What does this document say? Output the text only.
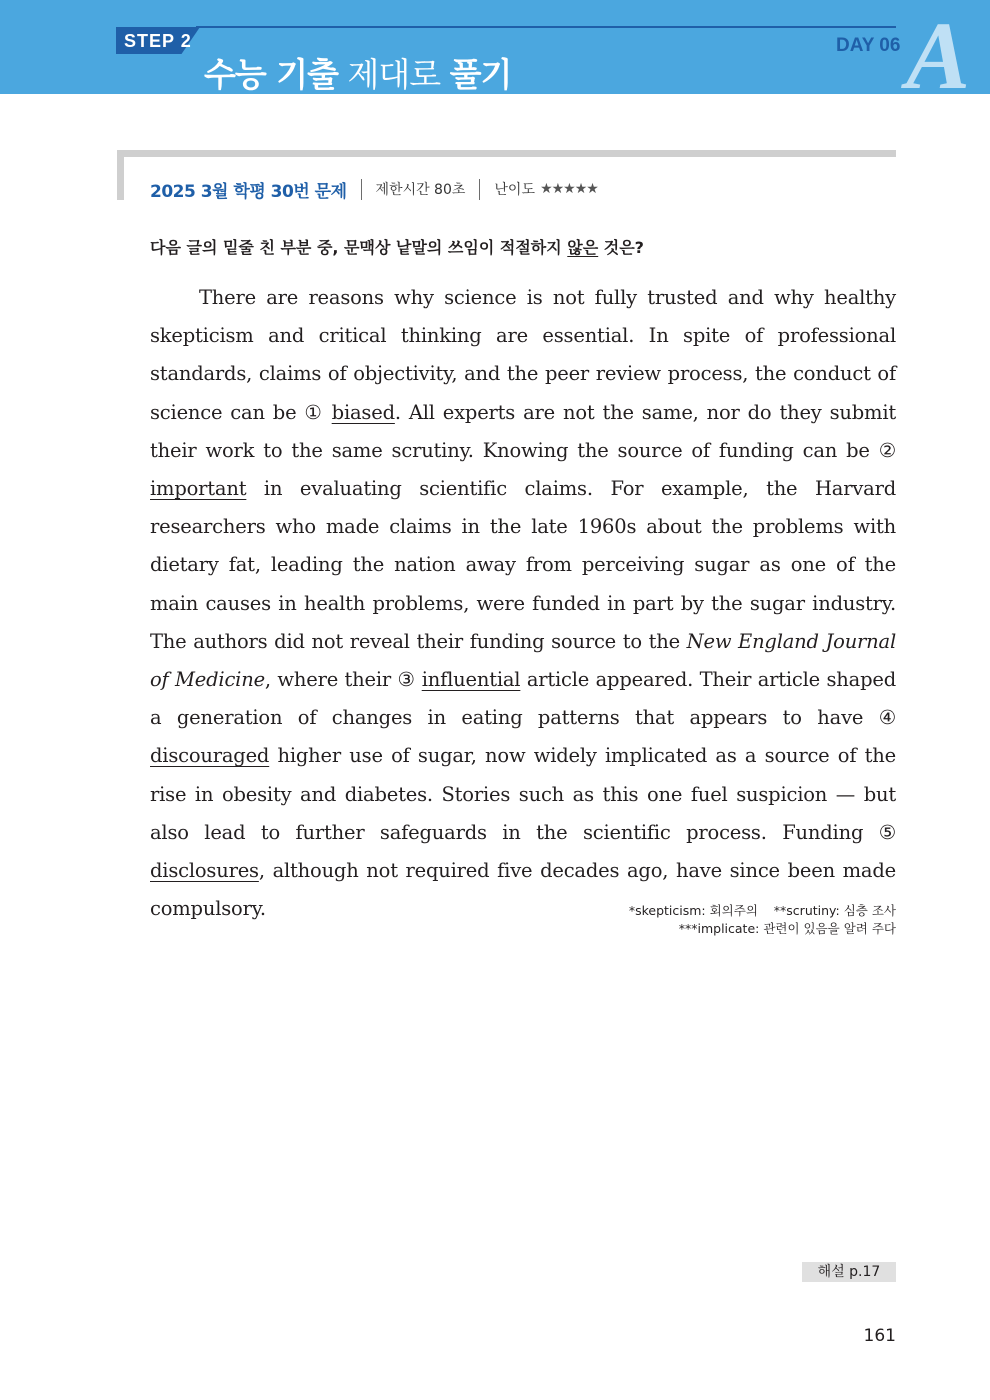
STEP 2
수능 기출 제대로 풀기
DAY 06 A
2025 3월 학평 30번 문제 제한시간 80초 난이도
★★★★★
다음 글의 밑줄 친 부분 중, 문맥상 낱말의 쓰임이 적절하지 않은 것은?
There are reasons why science is not fully trusted and why healthy skepticism and critical thinking are essential. In spite of professional standards, claims of objectivity, and the peer review process, the conduct of science can be ① biased. All experts are not the same, nor do they submit their work to the same scrutiny. Knowing the source of funding can be ② important in evaluating scientific claims. For example, the Harvard researchers who made claims in the late 1960s about the problems with dietary fat, leading the nation away from perceiving sugar as one of the main causes in health problems, were funded in part by the sugar industry. The authors did not reveal their funding source to the New England Journal of Medicine, where their ③ influential article appeared. Their article shaped a generation of changes in eating patterns that appears to have ④ discouraged higher use of sugar, now widely implicated as a source of the rise in obesity and diabetes. Stories such as this one fuel suspicion — but also lead to further safeguards in the scientific process. Funding ⑤ disclosures, although not required five decades ago, have since been made compulsory.	*skepticism: 회의주의    **scrutiny: 심층 조사
***implicate: 관련이 있음을 알려 주다
해설 p.17
161
